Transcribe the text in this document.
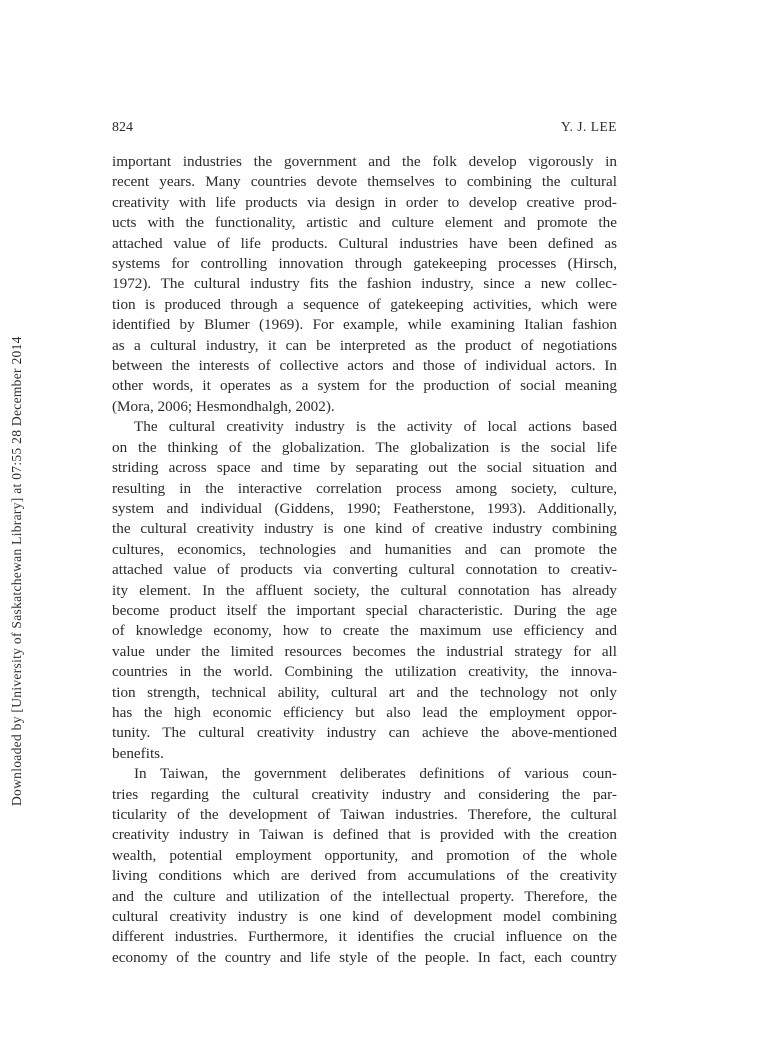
Downloaded by [University of Saskatchewan Library] at 07:55 28 December 2014
824	Y. J. LEE
important industries the government and the folk develop vigorously in
recent years. Many countries devote themselves to combining the cultural
creativity with life products via design in order to develop creative prod-
ucts with the functionality, artistic and culture element and promote the
attached value of life products. Cultural industries have been defined as
systems for controlling innovation through gatekeeping processes (Hirsch,
1972). The cultural industry fits the fashion industry, since a new collec-
tion is produced through a sequence of gatekeeping activities, which were
identified by Blumer (1969). For example, while examining Italian fashion
as a cultural industry, it can be interpreted as the product of negotiations
between the interests of collective actors and those of individual actors. In
other words, it operates as a system for the production of social meaning
(Mora, 2006; Hesmondhalgh, 2002).
The cultural creativity industry is the activity of local actions based
on the thinking of the globalization. The globalization is the social life
striding across space and time by separating out the social situation and
resulting in the interactive correlation process among society, culture,
system and individual (Giddens, 1990; Featherstone, 1993). Additionally,
the cultural creativity industry is one kind of creative industry combining
cultures, economics, technologies and humanities and can promote the
attached value of products via converting cultural connotation to creativ-
ity element. In the affluent society, the cultural connotation has already
become product itself the important special characteristic. During the age
of knowledge economy, how to create the maximum use efficiency and
value under the limited resources becomes the industrial strategy for all
countries in the world. Combining the utilization creativity, the innova-
tion strength, technical ability, cultural art and the technology not only
has the high economic efficiency but also lead the employment oppor-
tunity. The cultural creativity industry can achieve the above-mentioned
benefits.
In Taiwan, the government deliberates definitions of various coun-
tries regarding the cultural creativity industry and considering the par-
ticularity of the development of Taiwan industries. Therefore, the cultural
creativity industry in Taiwan is defined that is provided with the creation
wealth, potential employment opportunity, and promotion of the whole
living conditions which are derived from accumulations of the creativity
and the culture and utilization of the intellectual property. Therefore, the
cultural creativity industry is one kind of development model combining
different industries. Furthermore, it identifies the crucial influence on the
economy of the country and life style of the people. In fact, each country
